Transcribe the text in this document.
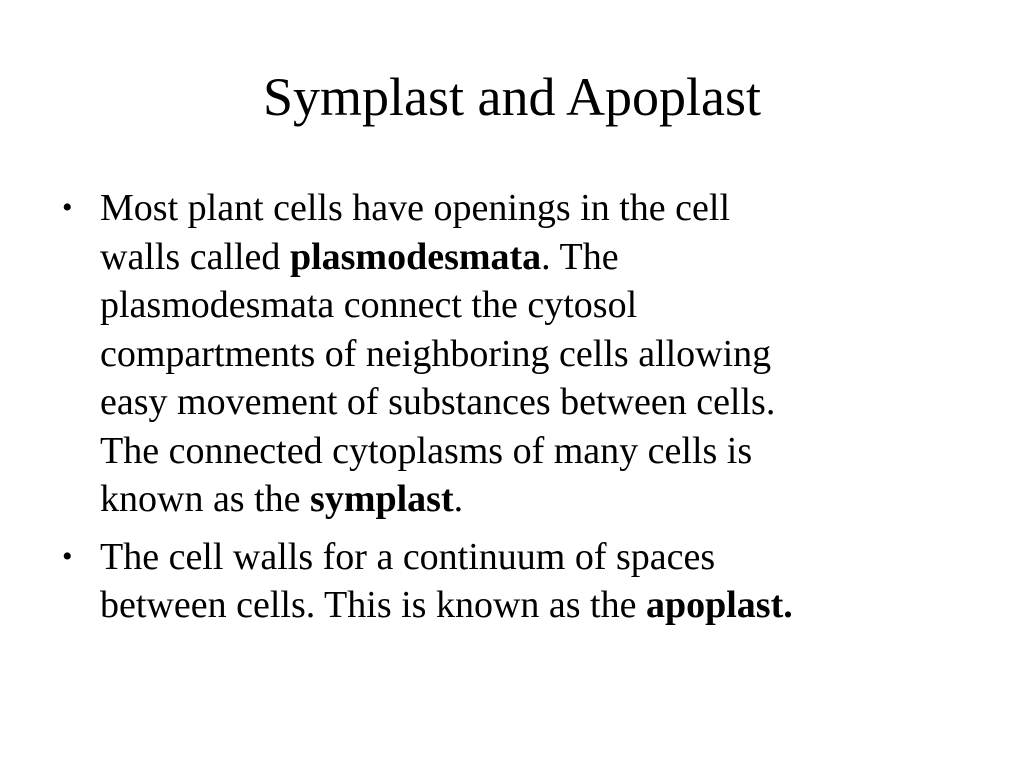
Symplast and Apoplast
• Most plant cells have openings in the cell
walls called plasmodesmata. The
plasmodesmata connect the cytosol
compartments of neighboring cells allowing
easy movement of substances between cells.
The connected cytoplasms of many cells is
known as the symplast.
• The cell walls for a continuum of spaces
between cells. This is known as the apoplast.
